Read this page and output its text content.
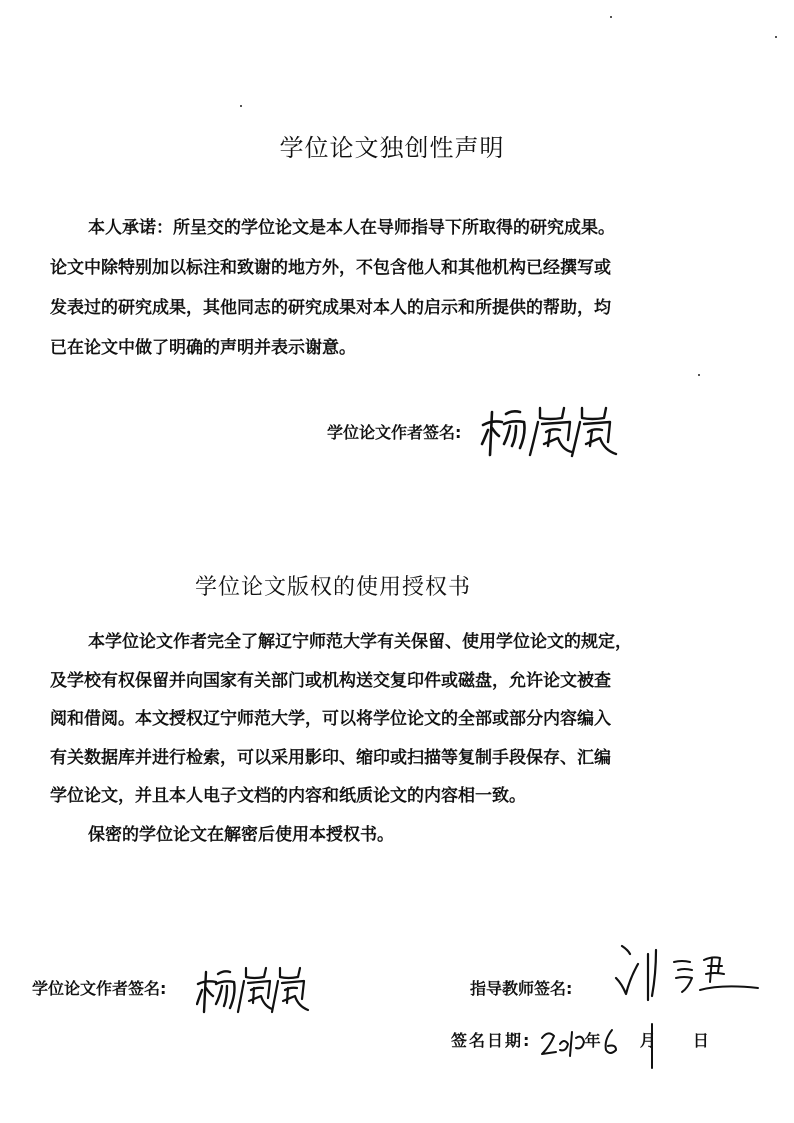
学位论文独创性声明
本人承诺：所呈交的学位论文是本人在导师指导下所取得的研究成果。
论文中除特别加以标注和致谢的地方外，不包含他人和其他机构已经撰写或
发表过的研究成果，其他同志的研究成果对本人的启示和所提供的帮助，均
已在论文中做了明确的声明并表示谢意。
学位论文作者签名:
学位论文版权的使用授权书
本学位论文作者完全了解辽宁师范大学有关保留、使用学位论文的规定，
及学校有权保留并向国家有关部门或机构送交复印件或磁盘，允许论文被查
阅和借阅。本文授权辽宁师范大学，可以将学位论文的全部或部分内容编入
有关数据库并进行检索，可以采用影印、缩印或扫描等复制手段保存、汇编
学位论文，并且本人电子文档的内容和纸质论文的内容相一致。
保密的学位论文在解密后使用本授权书。
学位论文作者签名:	指导教师签名:
签名日期:	年 月 日
